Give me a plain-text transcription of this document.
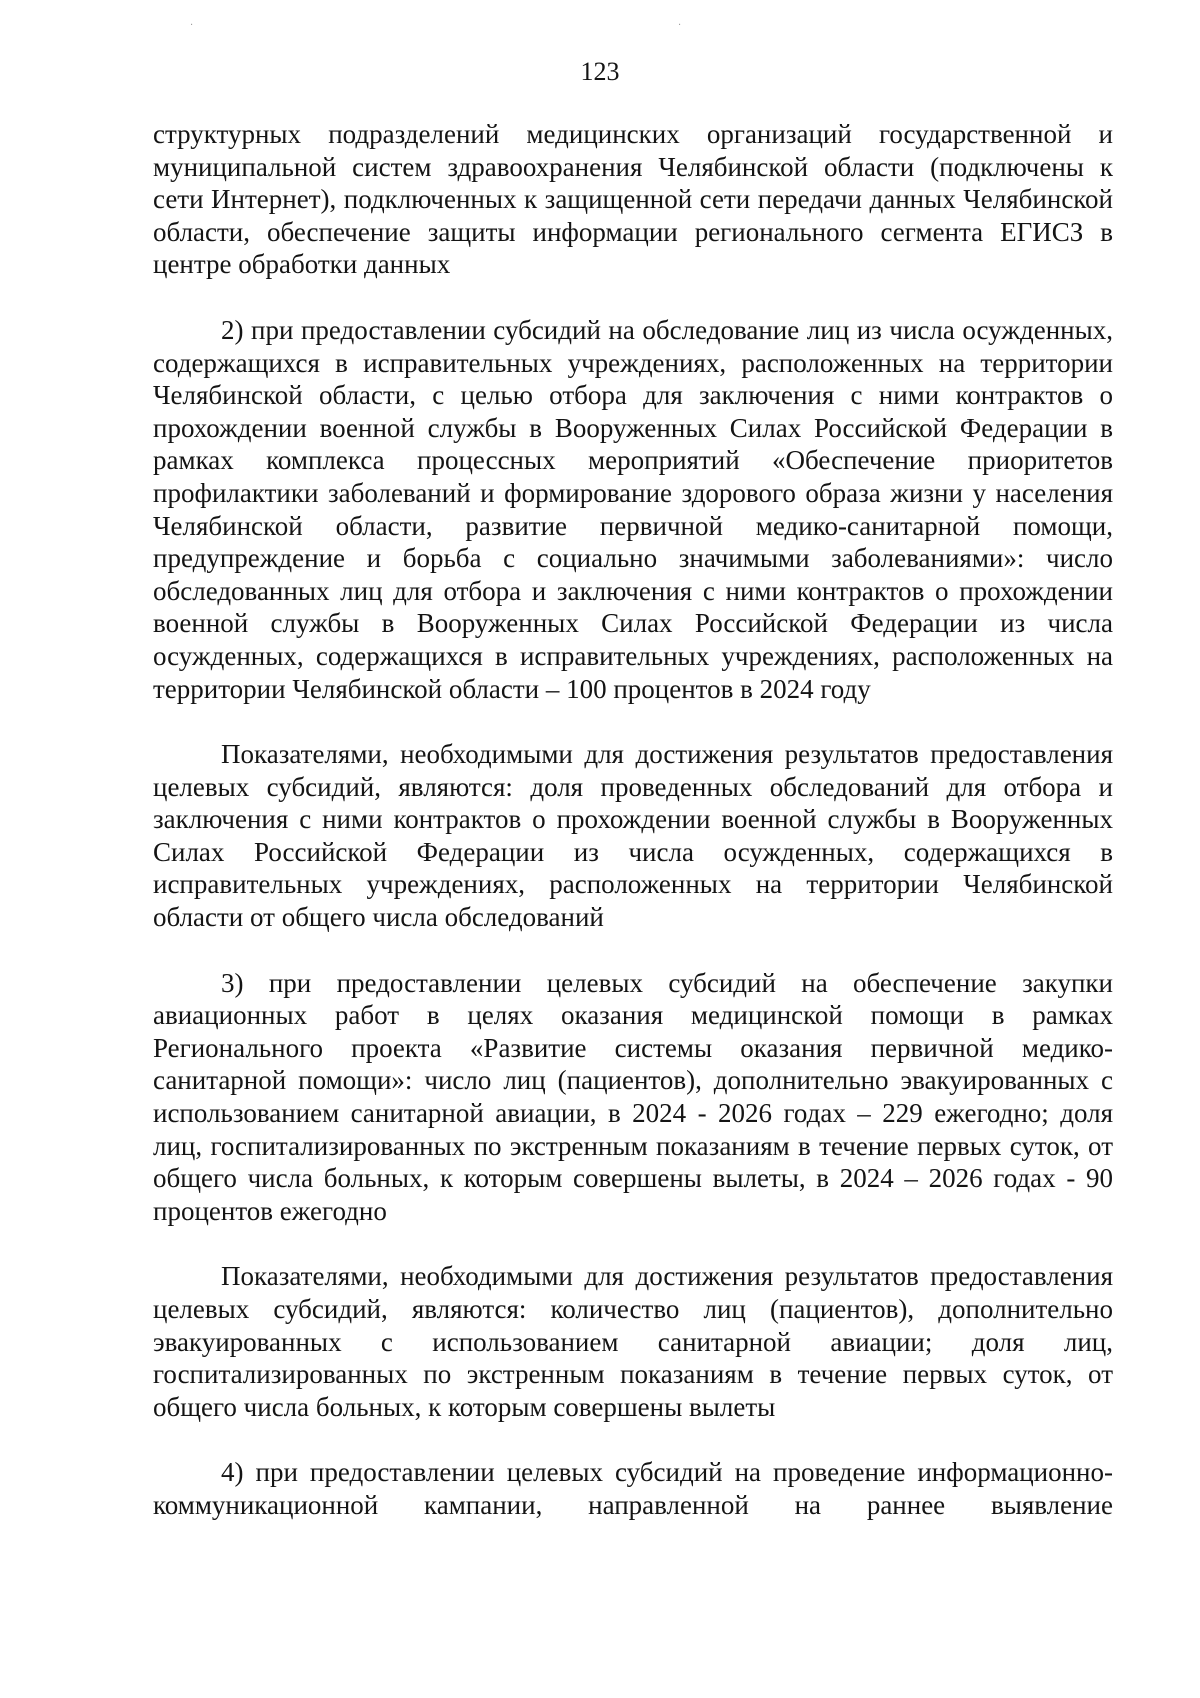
·	·
123

структурных подразделений медицинских организаций государственной и муниципальной систем здравоохранения Челябинской области (подключены к сети Интернет), подключенных к защищенной сети передачи данных Челябинской области, обеспечение защиты информации регионального сегмента ЕГИСЗ в центре обработки данных

2) при предоставлении субсидий на обследование лиц из числа осужденных, содержащихся в исправительных учреждениях, расположенных на территории Челябинской области, с целью отбора для заключения с ними контрактов о прохождении военной службы в Вооруженных Силах Российской Федерации в рамках комплекса процессных мероприятий «Обеспечение приоритетов профилактики заболеваний и формирование здорового образа жизни у населения Челябинской области, развитие первичной медико-санитарной помощи, предупреждение и борьба с социально значимыми заболеваниями»: число обследованных лиц для отбора и заключения с ними контрактов о прохождении военной службы в Вооруженных Силах Российской Федерации из числа осужденных, содержащихся в исправительных учреждениях, расположенных на территории Челябинской области – 100 процентов в 2024 году

Показателями, необходимыми для достижения результатов предоставления целевых субсидий, являются: доля проведенных обследований для отбора и заключения с ними контрактов о прохождении военной службы в Вооруженных Силах Российской Федерации из числа осужденных, содержащихся в исправительных учреждениях, расположенных на территории Челябинской области от общего числа обследований

3) при предоставлении целевых субсидий на обеспечение закупки авиационных работ в целях оказания медицинской помощи в рамках Регионального проекта «Развитие системы оказания первичной медико-санитарной помощи»: число лиц (пациентов), дополнительно эвакуированных с использованием санитарной авиации, в 2024 - 2026 годах – 229 ежегодно; доля лиц, госпитализированных по экстренным показаниям в течение первых суток, от общего числа больных, к которым совершены вылеты, в 2024 – 2026 годах - 90 процентов ежегодно

Показателями, необходимыми для достижения результатов предоставления целевых субсидий, являются: количество лиц (пациентов), дополнительно эвакуированных с использованием санитарной авиации; доля лиц, госпитализированных по экстренным показаниям в течение первых суток, от общего числа больных, к которым совершены вылеты

4) при предоставлении целевых субсидий на проведение информационно-коммуникационной кампании, направленной на раннее выявление
